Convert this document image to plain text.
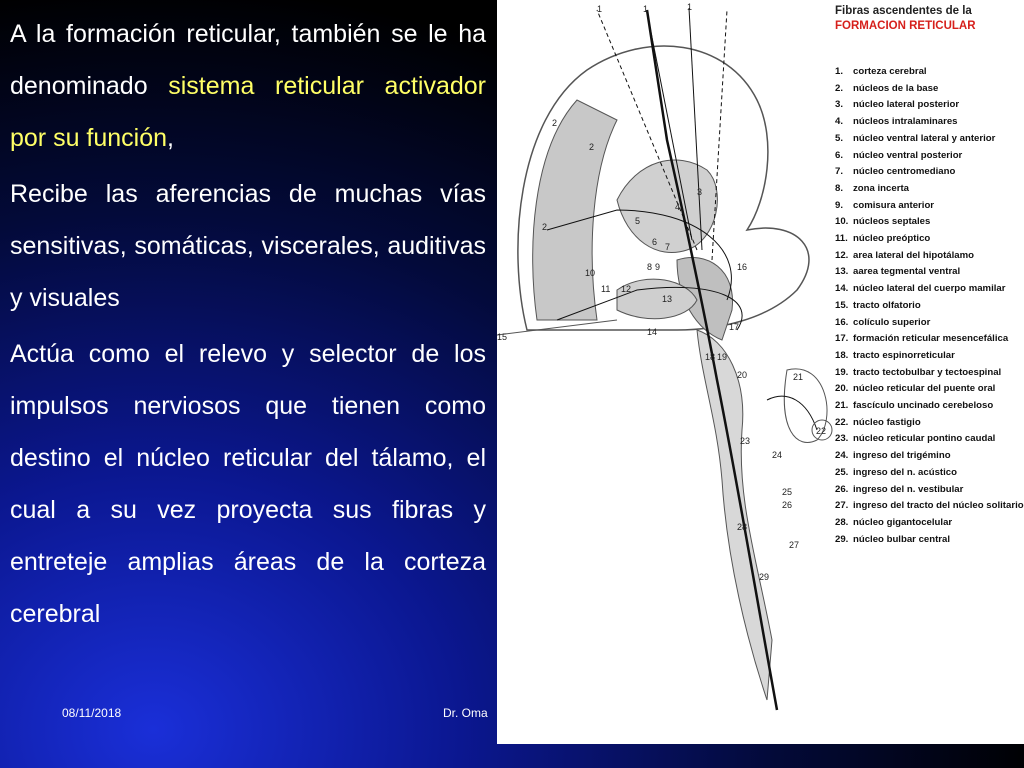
A la formación reticular, también se le ha denominado sistema reticular activador por su función,

Recibe las aferencias de muchas vías sensitivas, somáticas, viscerales, auditivas y visuales

Actúa como el relevo y selector de los impulsos nerviosos que tienen como destino el núcleo reticular del tálamo, el cual a su vez proyecta sus fibras y entreteje amplias áreas de la corteza cerebral

08/11/2018	Dr. Oma
1	1	1
2
2
2
3
4
5
6 7
8 9
10
11 12
13
14
15
16
17
18 19
20	21
22
23
24
25
26
27
28
29
Fibras ascendentes de la
FORMACION RETICULAR
1. corteza cerebral
2. núcleos de la base
3. núcleo lateral posterior
4. núcleos intralaminares
5. núcleo ventral lateral y anterior
6. núcleo ventral posterior
7. núcleo centromediano
8. zona incerta
9. comisura anterior
10. núcleos septales
11. núcleo preóptico
12. area lateral del hipotálamo
13. aarea tegmental ventral
14. núcleo lateral del cuerpo mamilar
15. tracto olfatorio
16. colículo superior
17. formación reticular mesencefálica
18. tracto espinorreticular
19. tracto tectobulbar y tectoespinal
20. núcleo reticular del puente oral
21. fascículo uncinado cerebeloso
22. núcleo fastigio
23. núcleo reticular pontino caudal
24. ingreso del trigémino
25. ingreso del n. acústico
26. ingreso del n. vestibular
27. ingreso del tracto del núcleo solitario
28. núcleo gigantocelular
29. núcleo bulbar central
